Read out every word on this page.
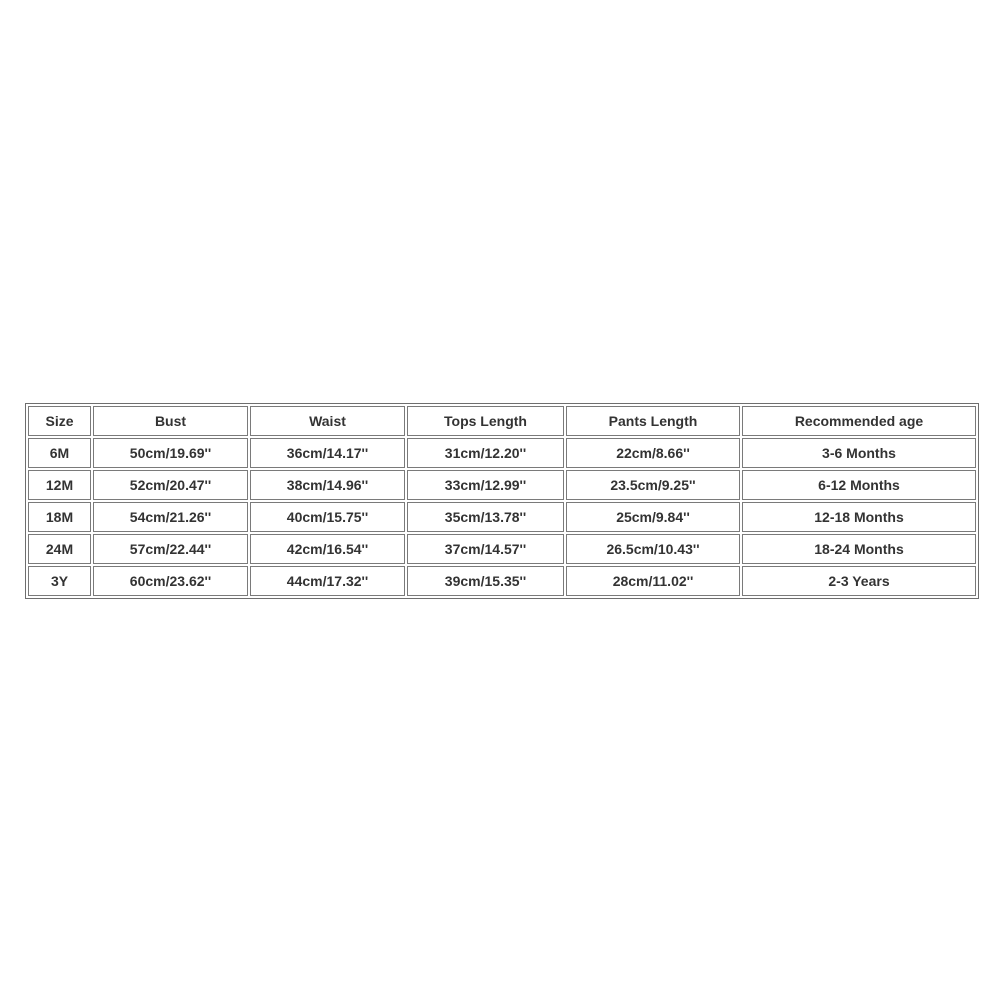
Size	Bust	Waist	Tops Length	Pants Length	Recommended age
6M	50cm/19.69''	36cm/14.17''	31cm/12.20''	22cm/8.66''	3-6 Months
12M	52cm/20.47''	38cm/14.96''	33cm/12.99''	23.5cm/9.25''	6-12 Months
18M	54cm/21.26''	40cm/15.75''	35cm/13.78''	25cm/9.84''	12-18 Months
24M	57cm/22.44''	42cm/16.54''	37cm/14.57''	26.5cm/10.43''	18-24 Months
3Y	60cm/23.62''	44cm/17.32''	39cm/15.35''	28cm/11.02''	2-3 Years
